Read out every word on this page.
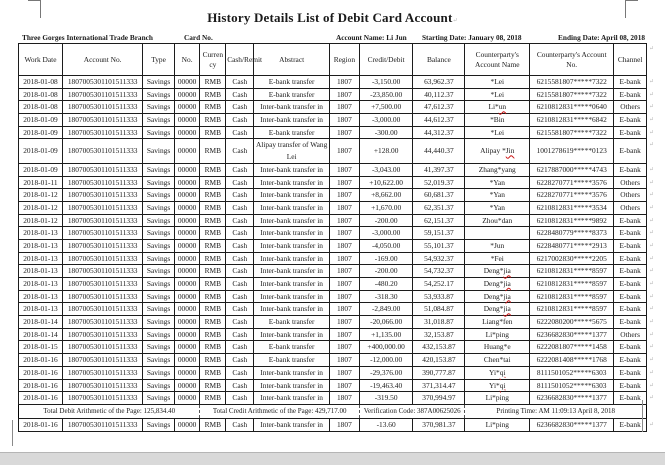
History Details List of Debit Card Account↵
Three Gorges International Trade Branch	Card No.	Account Name: Li Jun Starting Date: January 08, 2018	Ending Date: April 08, 2018
Work Date	Account No.	Type	No.	Currency	Cash/Remit	Abstract	Region	Credit/Debit	Balance	Counterparty's Account Name	Counterparty's Account No.	Channel
↵

2018-01-08	1807005301101511333	Savings	00000	RMB	Cash	E-bank transfer	1807	-3,150.00	63,962.37	*Lei	6215581807*****7322	E-bank ↵

2018-01-08	1807005301101511333	Savings	00000	RMB	Cash	E-bank transfer	1807	-23,850.00	40,112.37	*Lei	6215581807*****7322	E-bank ↵

2018-01-08	1807005301101511333	Savings	00000	RMB	Cash	Inter-bank transfer in	1807	+7,500.00	47,612.37	Li*un	6210812831*****0640	Others ↵

2018-01-09	1807005301101511333	Savings	00000	RMB	Cash	Inter-bank transfer in	1807	-3,000.00	44,612.37	*Bin	6210812831*****6842	E-bank ↵

2018-01-09	1807005301101511333	Savings	00000	RMB	Cash	E-bank transfer	1807	-300.00	44,312.37	*Lei	6215581807*****7322	E-bank ↵

2018-01-09	1807005301101511333	Savings	00000	RMB	Cash	Alipay transfer of Wang Lei	1807	+128.00	44,440.37	Alipay *Jin	1001278619*****0123	E-bank
↵

2018-01-09	1807005301101511333	Savings	00000	RMB	Cash	Inter-bank transfer in	1807	-3,043.00	41,397.37	Zhang*yang	6217887000*****4743	E-bank ↵

2018-01-11	1807005301101511333	Savings	00000	RMB	Cash	Inter-bank transfer in	1807	+10,622.00	52,019.37	*Yan	6228270771*****3576	Others ↵

2018-01-12	1807005301101511333	Savings	00000	RMB	Cash	Inter-bank transfer in	1807	+8,662.00	60,681.37	*Yan	6228270771*****3576	Others ↵

2018-01-12	1807005301101511333	Savings	00000	RMB	Cash	Inter-bank transfer in	1807	+1,670.00	62,351.37	*Yan	6210812831*****3534	Others ↵

2018-01-12	1807005301101511333	Savings	00000	RMB	Cash	Inter-bank transfer in	1807	-200.00	62,151.37	Zhou*dan	6210812831*****9892	E-bank ↵

2018-01-13	1807005301101511333	Savings	00000	RMB	Cash	Inter-bank transfer in	1807	-3,000.00	59,151.37		6228480779*****8373	E-bank ↵

2018-01-13	1807005301101511333	Savings	00000	RMB	Cash	Inter-bank transfer in	1807	-4,050.00	55,101.37	*Jun	6228480771*****2913	E-bank ↵

2018-01-13	1807005301101511333	Savings	00000	RMB	Cash	Inter-bank transfer in	1807	-169.00	54,932.37	*Fei	6217002830*****2205	E-bank ↵

2018-01-13	1807005301101511333	Savings	00000	RMB	Cash	Inter-bank transfer in	1807	-200.00	54,732.37	Deng*jia	6210812831*****8597	E-bank ↵

2018-01-13	1807005301101511333	Savings	00000	RMB	Cash	Inter-bank transfer in	1807	-480.20	54,252.17	Deng*jia	6210812831*****8597	E-bank ↵

2018-01-13	1807005301101511333	Savings	00000	RMB	Cash	Inter-bank transfer in	1807	-318.30	53,933.87	Deng*jia	6210812831*****8597	E-bank ↵

2018-01-13	1807005301101511333	Savings	00000	RMB	Cash	Inter-bank transfer in	1807	-2,849.00	51,084.87	Deng*jia	6210812831*****8597	E-bank ↵

2018-01-14	1807005301101511333	Savings	00000	RMB	Cash	E-bank transfer	1807	-20,066.00	31,018.87	Liang*fen	6222080200*****5675	E-bank ↵

2018-01-14	1807005301101511333	Savings	00000	RMB	Cash	Inter-bank transfer in	1807	+1,135.00	32,153.87	Li*ping	6236682830*****1377	Others ↵

2018-01-15	1807005301101511333	Savings	00000	RMB	Cash	E-bank transfer	1807	+400,000.00	432,153.87	Huang*e	6222081807*****1458	E-bank ↵

2018-01-16	1807005301101511333	Savings	00000	RMB	Cash	E-bank transfer	1807	-12,000.00	420,153.87	Chen*tai	6222081408*****1768	E-bank ↵

2018-01-16	1807005301101511333	Savings	00000	RMB	Cash	Inter-bank transfer in	1807	-29,376.00	390,777.87	Yi*qi	8111501052*****6303	E-bank ↵

2018-01-16	1807005301101511333	Savings	00000	RMB	Cash	Inter-bank transfer in	1807	-19,463.40	371,314.47	Yi*qi	8111501052*****6303	E-bank ↵

2018-01-16	1807005301101511333	Savings	00000	RMB	Cash	Inter-bank transfer in	1807	-319.50	370,994.97	Li*ping	6236682830*****1377	E-bank ↵

Total Debit Arithmetic of the Page: 125,834.40				Total Credit Arithmetic of the Page: 429,717.00				Verification Code: 387A00625026		Printing Time: AM 11:09:13 April 8, 2018		
2018-01-16	1807005301101511333	Savings	00000	RMB	Cash	Inter-bank transfer in	1807	-13.60	370,981.37	Li*ping	6236682830*****1377	E-bank ↵
